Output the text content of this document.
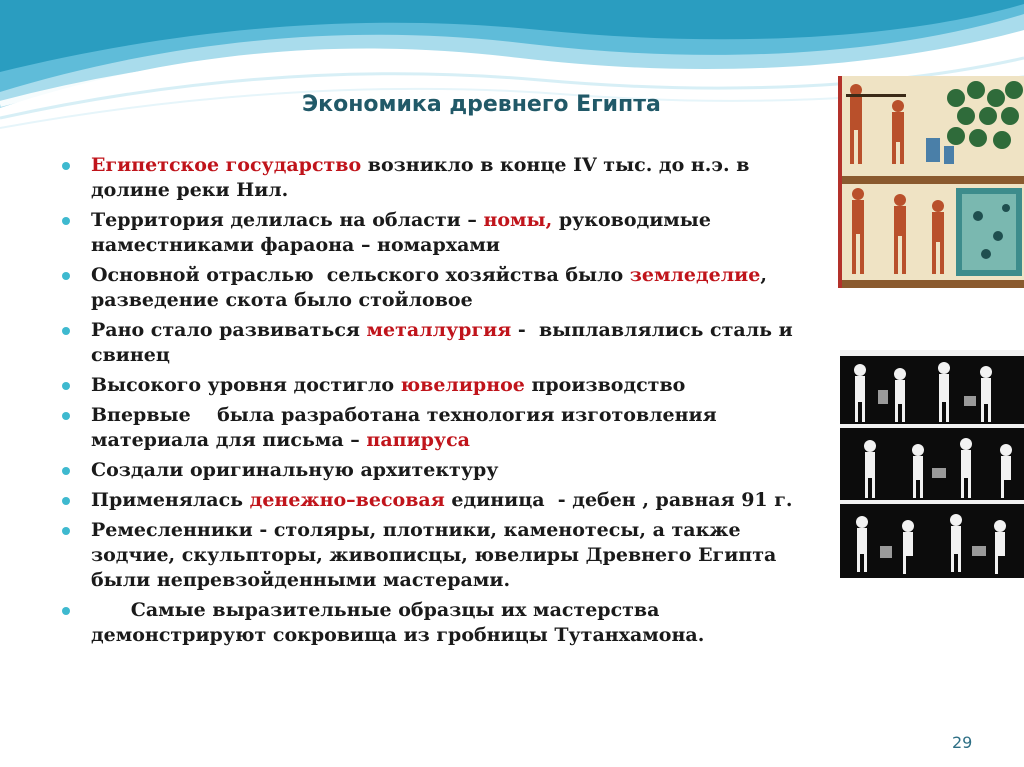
Экономика древнего Египта
Египетское государство возникло в конце IV тыс. до н.э. в долине реки Нил.
Территория делилась на области – номы, руководимые наместниками фараона – номархами
Основной отраслью  сельского хозяйства было земледелие, разведение скота было стойловое
Рано стало развиваться металлургия -  выплавлялись сталь и свинец
Высокого уровня достигло ювелирное производство
Впервые    была разработана технология изготовления материала для письма – папируса
Создали оригинальную архитектуру
Применялась денежно–весовая единица  - дебен , равная 91 г.
Ремесленники - столяры, плотники, каменотесы, а также зодчие, скульпторы, живописцы, ювелиры Древнего Египта были непревзойденными мастерами.
Самые выразительные образцы их мастерства демонстрируют сокровища из гробницы Тутанхамона.
29
